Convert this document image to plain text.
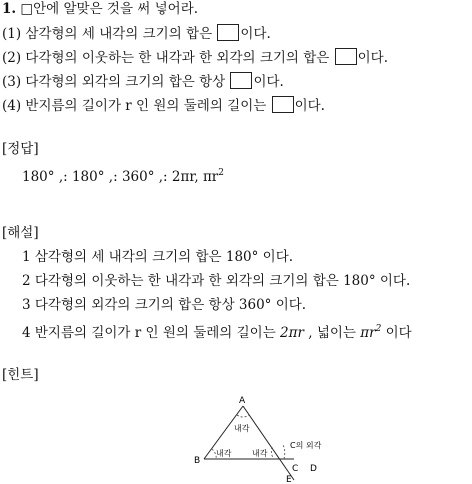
1. □안에 알맞은 것을 써 넣어라.
(1) 삼각형의 세 내각의 크기의 합은 이다.
(2) 다각형의 이웃하는 한 내각과 한 외각의 크기의 합은 이다.
(3) 다각형의 외각의 크기의 합은 항상 이다.
(4) 반지름의 길이가 r 인 원의 둘레의 길이는 이다.
[정답]
180° ,: 180° ,: 360° ,: 2πr, $\pi r^2$
[해설]
1 삼각형의 세 내각의 크기의 합은 180° 이다.
2 다각형의 이웃하는 한 내각과 한 외각의 크기의 합은 180° 이다.
3 다각형의 외각의 크기의 합은 항상 360° 이다.
4 반지름의 길이가 r 인 원의 둘레의 길이는 2πr , 넓이는 $\pi r^2$ 이다
[힌트]
A
B
C D
E
내각
내각	내각
C의 외각
